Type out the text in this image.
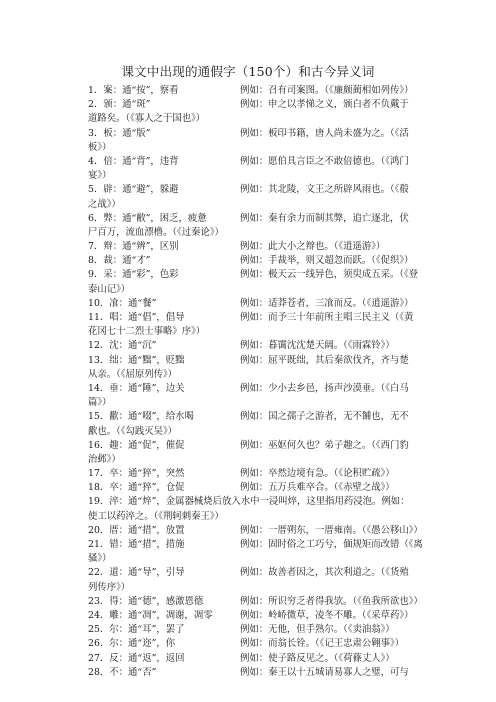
课文中出现的通假字（150个）和古今异义词
1．案：通“按”，察看	例如：召有司案图。（《廉颇蔺相如列传》）
2．颁：通“斑”	例如：申之以孝悌之义，颁白者不负戴于
道路矣。（《寡人之于国也》）
3．板：通“版”	例如：板印书籍，唐人尚未盛为之。（《活
板》）
4．倍：通“背”，违背	例如：愿伯具言臣之不敢倍德也。（《鸿门
宴》）
5．辟：通“避”，躲避	例如：其北陵，文王之所辟风雨也。（《殽
之战》）
6．弊：通“敝”，困乏，疲惫	例如：秦有余力而制其弊，追亡逐北，伏
尸百万，流血漂橹。（《过秦论》）
7．辩：通“辨”，区别	例如：此大小之辩也。（《逍遥游》）
8．裁：通“才”	例如：手裁举，则又超忽而跃。（《促织》）
9．采：通“彩”，色彩	例如：极天云一线异色，须臾成五采。（《登
泰山记》）
10．飡：通“餐”	例如：适莽苍者，三飡而反。（《逍遥游》）
11．唱：通“倡”，倡导	例如：而予三十年前所主唱三民主义（《黄
花冈七十二烈士事略》序》）
12．沈：通“沉”	例如：暮霭沈沈楚天阔。（《雨霖铃》）
13．绌：通“黜”，贬黜	例如：屈平既绌，其后秦欲伐齐，齐与楚
从亲。（《屈原列传》）
14．垂：通“陲”，边关	例如：少小去乡邑，扬声沙漠垂。（《白马
篇》）
15．歠：通“啜”，给水喝	例如：国之孺子之游者，无不餔也，无不
歠也。（《勾践灭吴》）
16．趣：通“促”，催促	例如：巫妪何久也？弟子趣之。（《西门豹
治邺》）
17．卒：通“猝”，突然	例如：卒然边境有急。（《论积贮疏》）
18．卒：通“猝”，仓促	例如：五万兵难卒合。（《赤壁之战》）
19．淬：通“焠”，金属器械烧后放入水中一浸叫焠，这里指用药浸泡。例如：
使工以药淬之。（《荆轲刺秦王》）
20．厝：通“措”，放置	例如：一厝朔东，一厝雍南。（《愚公移山》）
21．错：通“措”，措施	例如：固时俗之工巧兮，偭规矩而改错（《离
骚》）
22．道：通“导”，引导	例如：故善者因之，其次利道之。（《货殖
列传序》）
23．得：通“德”，感激恩德	例如：所识穷乏者得我欤。（《鱼我所欲也》）
24．雕：通“凋”，凋谢，凋零	例如：岭峤微草，凌冬不雕。（《采草药》）
25．尔：通“耳”，罢了	例如：无他，但手熟尔。（《卖油翁》）
26．尔：通“迩”，你	例如：而翁长铨。（《记王忠肃公翱事》）
27．反：通“返”，返回	例如：使子路反见之。（《荷蓧丈人》）
28．不：通“否”	例如：秦王以十五城请易寡人之璧，可与
